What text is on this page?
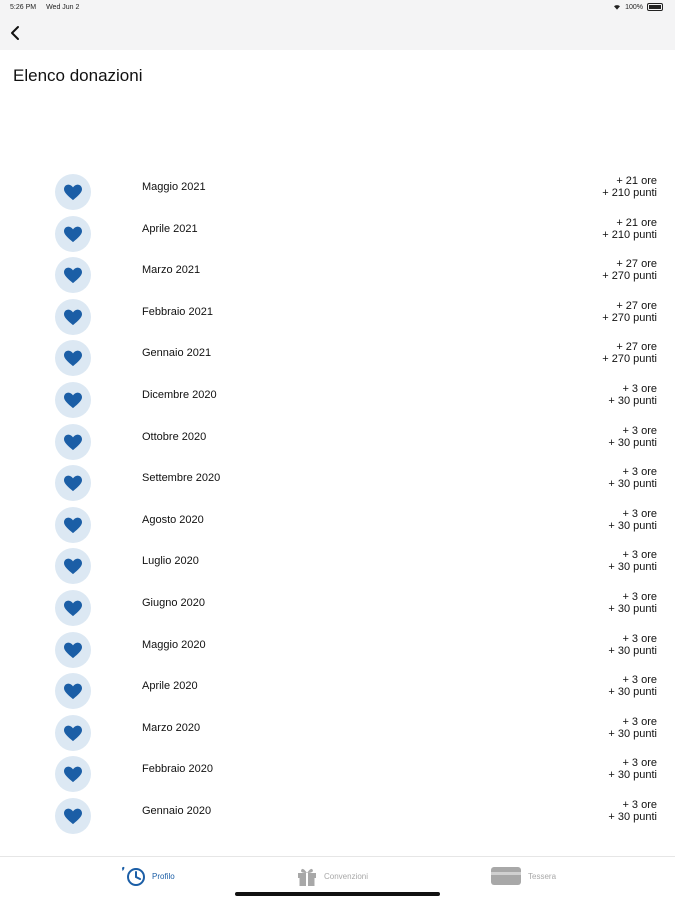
5:26 PM Wed Jun 2	100%
Elenco donazioni
Maggio 2021	+ 21 ore
+ 210 punti
Aprile 2021	+ 21 ore
+ 210 punti
Marzo 2021	+ 27 ore
+ 270 punti
Febbraio 2021	+ 27 ore
+ 270 punti
Gennaio 2021	+ 27 ore
+ 270 punti
Dicembre 2020	+ 3 ore
+ 30 punti
Ottobre 2020	+ 3 ore
+ 30 punti
Settembre 2020	+ 3 ore
+ 30 punti
Agosto 2020	+ 3 ore
+ 30 punti
Luglio 2020	+ 3 ore
+ 30 punti
Giugno 2020	+ 3 ore
+ 30 punti
Maggio 2020	+ 3 ore
+ 30 punti
Aprile 2020	+ 3 ore
+ 30 punti
Marzo 2020	+ 3 ore
+ 30 punti
Febbraio 2020	+ 3 ore
+ 30 punti
Gennaio 2020	+ 3 ore
+ 30 punti
Profilo	Convenzioni	Tessera
